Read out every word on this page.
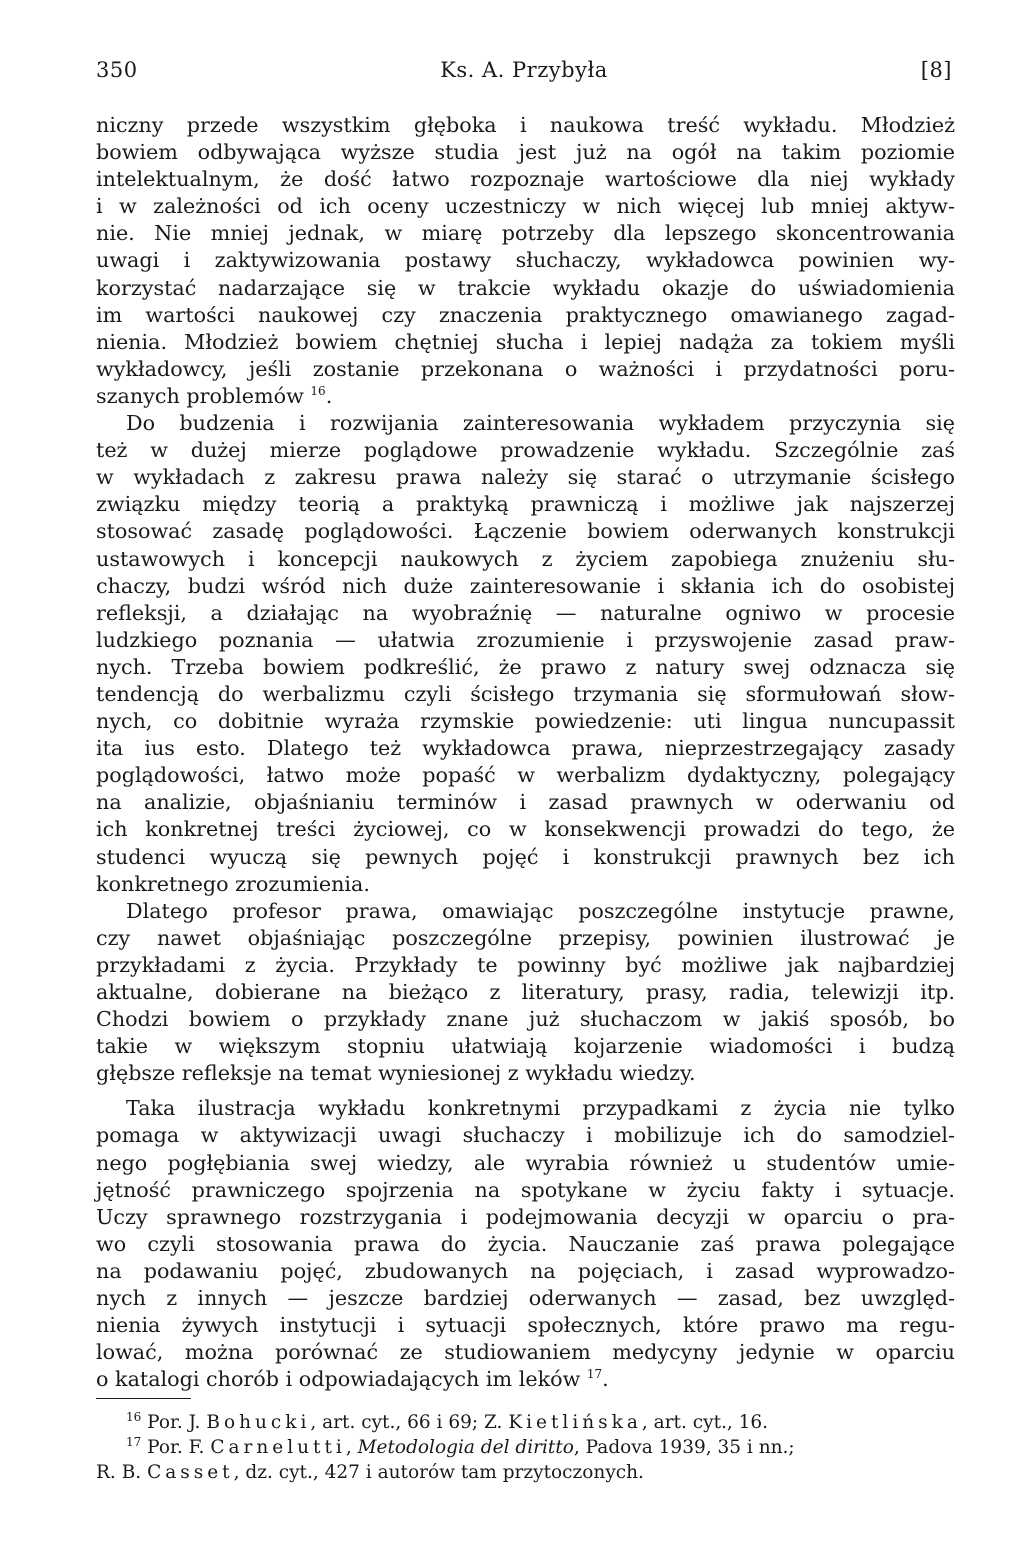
350	Ks. A. Przybyła	[8]
niczny przede wszystkim głęboka i naukowa treść wykładu. Młodzież
bowiem odbywająca wyższe studia jest już na ogół na takim poziomie
intelektualnym, że dość łatwo rozpoznaje wartościowe dla niej wykłady
i w zależności od ich oceny uczestniczy w nich więcej lub mniej aktyw-
nie. Nie mniej jednak, w miarę potrzeby dla lepszego skoncentrowania
uwagi i zaktywizowania postawy słuchaczy, wykładowca powinien wy-
korzystać nadarzające się w trakcie wykładu okazje do uświadomienia
im wartości naukowej czy znaczenia praktycznego omawianego zagad-
nienia. Młodzież bowiem chętniej słucha i lepiej nadąża za tokiem myśli
wykładowcy, jeśli zostanie przekonana o ważności i przydatności poru-
szanych problemów $^{16}$.
Do budzenia i rozwijania zainteresowania wykładem przyczynia się
też w dużej mierze poglądowe prowadzenie wykładu. Szczególnie zaś
w wykładach z zakresu prawa należy się starać o utrzymanie ścisłego
związku między teorią a praktyką prawniczą i możliwe jak najszerzej
stosować zasadę poglądowości. Łączenie bowiem oderwanych konstrukcji
ustawowych i koncepcji naukowych z życiem zapobiega znużeniu słu-
chaczy, budzi wśród nich duże zainteresowanie i skłania ich do osobistej
refleksji, a działając na wyobraźnię — naturalne ogniwo w procesie
ludzkiego poznania — ułatwia zrozumienie i przyswojenie zasad praw-
nych. Trzeba bowiem podkreślić, że prawo z natury swej odznacza się
tendencją do werbalizmu czyli ścisłego trzymania się sformułowań słow-
nych, co dobitnie wyraża rzymskie powiedzenie: uti lingua nuncupassit
ita ius esto. Dlatego też wykładowca prawa, nieprzestrzegający zasady
poglądowości, łatwo może popaść w werbalizm dydaktyczny, polegający
na analizie, objaśnianiu terminów i zasad prawnych w oderwaniu od
ich konkretnej treści życiowej, co w konsekwencji prowadzi do tego, że
studenci wyuczą się pewnych pojęć i konstrukcji prawnych bez ich
konkretnego zrozumienia.
Dlatego profesor prawa, omawiając poszczególne instytucje prawne,
czy nawet objaśniając poszczególne przepisy, powinien ilustrować je
przykładami z życia. Przykłady te powinny być możliwe jak najbardziej
aktualne, dobierane na bieżąco z literatury, prasy, radia, telewizji itp.
Chodzi bowiem o przykłady znane już słuchaczom w jakiś sposób, bo
takie w większym stopniu ułatwiają kojarzenie wiadomości i budzą
głębsze refleksje na temat wyniesionej z wykładu wiedzy.
Taka ilustracja wykładu konkretnymi przypadkami z życia nie tylko
pomaga w aktywizacji uwagi słuchaczy i mobilizuje ich do samodziel-
nego pogłębiania swej wiedzy, ale wyrabia również u studentów umie-
jętność prawniczego spojrzenia na spotykane w życiu fakty i sytuacje.
Uczy sprawnego rozstrzygania i podejmowania decyzji w oparciu o pra-
wo czyli stosowania prawa do życia. Nauczanie zaś prawa polegające
na podawaniu pojęć, zbudowanych na pojęciach, i zasad wyprowadzo-
nych z innych — jeszcze bardziej oderwanych — zasad, bez uwzględ-
nienia żywych instytucji i sytuacji społecznych, które prawo ma regu-
lować, można porównać ze studiowaniem medycyny jedynie w oparciu
o katalogi chorób i odpowiadających im leków $^{17}$.
$^{16}$ Por. J. Bohucki, art. cyt., 66 i 69; Z. Kietlińska, art. cyt., 16.
$^{17}$ Por. F. Carnelutti, Metodologia del diritto, Padova 1939, 35 i nn.;
R. B. Casset, dz. cyt., 427 i autorów tam przytoczonych.
